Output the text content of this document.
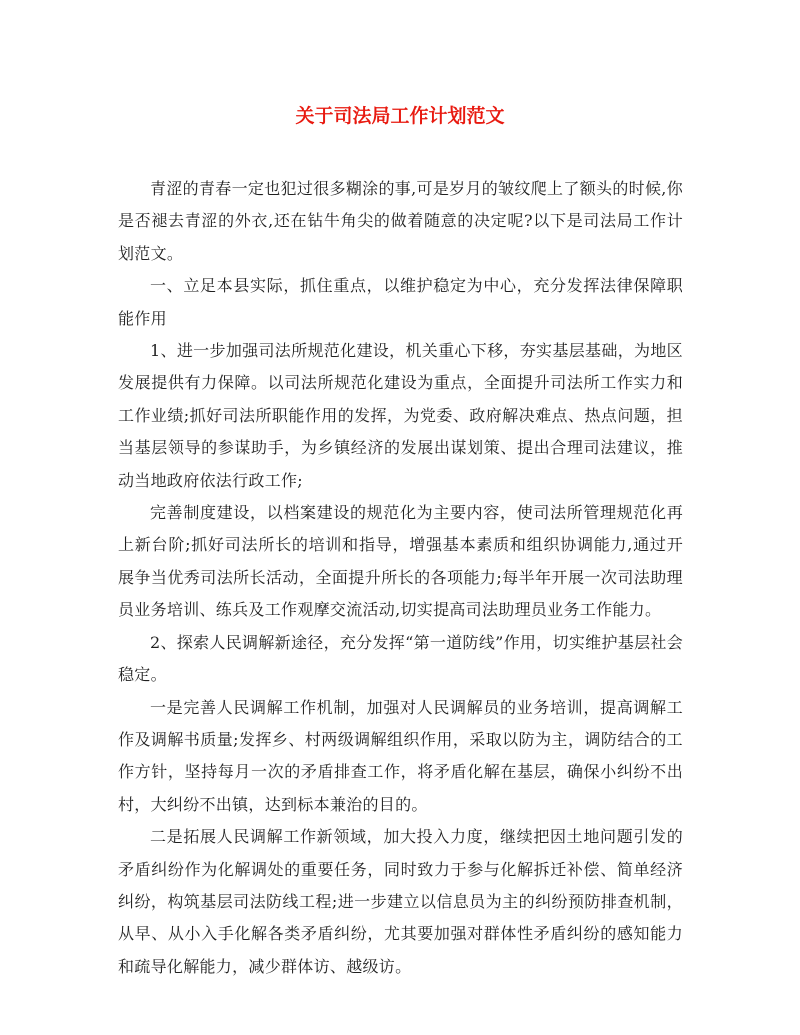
关于司法局工作计划范文

青涩的青春一定也犯过很多糊涂的事,可是岁月的皱纹爬上了额头的时候,你是否褪去青涩的外衣,还在钻牛角尖的做着随意的决定呢?以下是司法局工作计划范文。

一、立足本县实际，抓住重点，以维护稳定为中心，充分发挥法律保障职能作用

1、进一步加强司法所规范化建设，机关重心下移，夯实基层基础，为地区发展提供有力保障。以司法所规范化建设为重点，全面提升司法所工作实力和工作业绩;抓好司法所职能作用的发挥，为党委、政府解决难点、热点问题，担当基层领导的参谋助手，为乡镇经济的发展出谋划策、提出合理司法建议，推动当地政府依法行政工作;

完善制度建设，以档案建设的规范化为主要内容，使司法所管理规范化再上新台阶;抓好司法所长的培训和指导，增强基本素质和组织协调能力,通过开展争当优秀司法所长活动，全面提升所长的各项能力;每半年开展一次司法助理员业务培训、练兵及工作观摩交流活动,切实提高司法助理员业务工作能力。

2、探索人民调解新途径，充分发挥“第一道防线”作用，切实维护基层社会稳定。

一是完善人民调解工作机制，加强对人民调解员的业务培训，提高调解工作及调解书质量;发挥乡、村两级调解组织作用，采取以防为主，调防结合的工作方针，坚持每月一次的矛盾排查工作，将矛盾化解在基层，确保小纠纷不出村，大纠纷不出镇，达到标本兼治的目的。

二是拓展人民调解工作新领域，加大投入力度，继续把因土地问题引发的矛盾纠纷作为化解调处的重要任务，同时致力于参与化解拆迁补偿、简单经济纠纷，构筑基层司法防线工程;进一步建立以信息员为主的纠纷预防排查机制，从早、从小入手化解各类矛盾纠纷，尤其要加强对群体性矛盾纠纷的感知能力和疏导化解能力，减少群体访、越级访。
